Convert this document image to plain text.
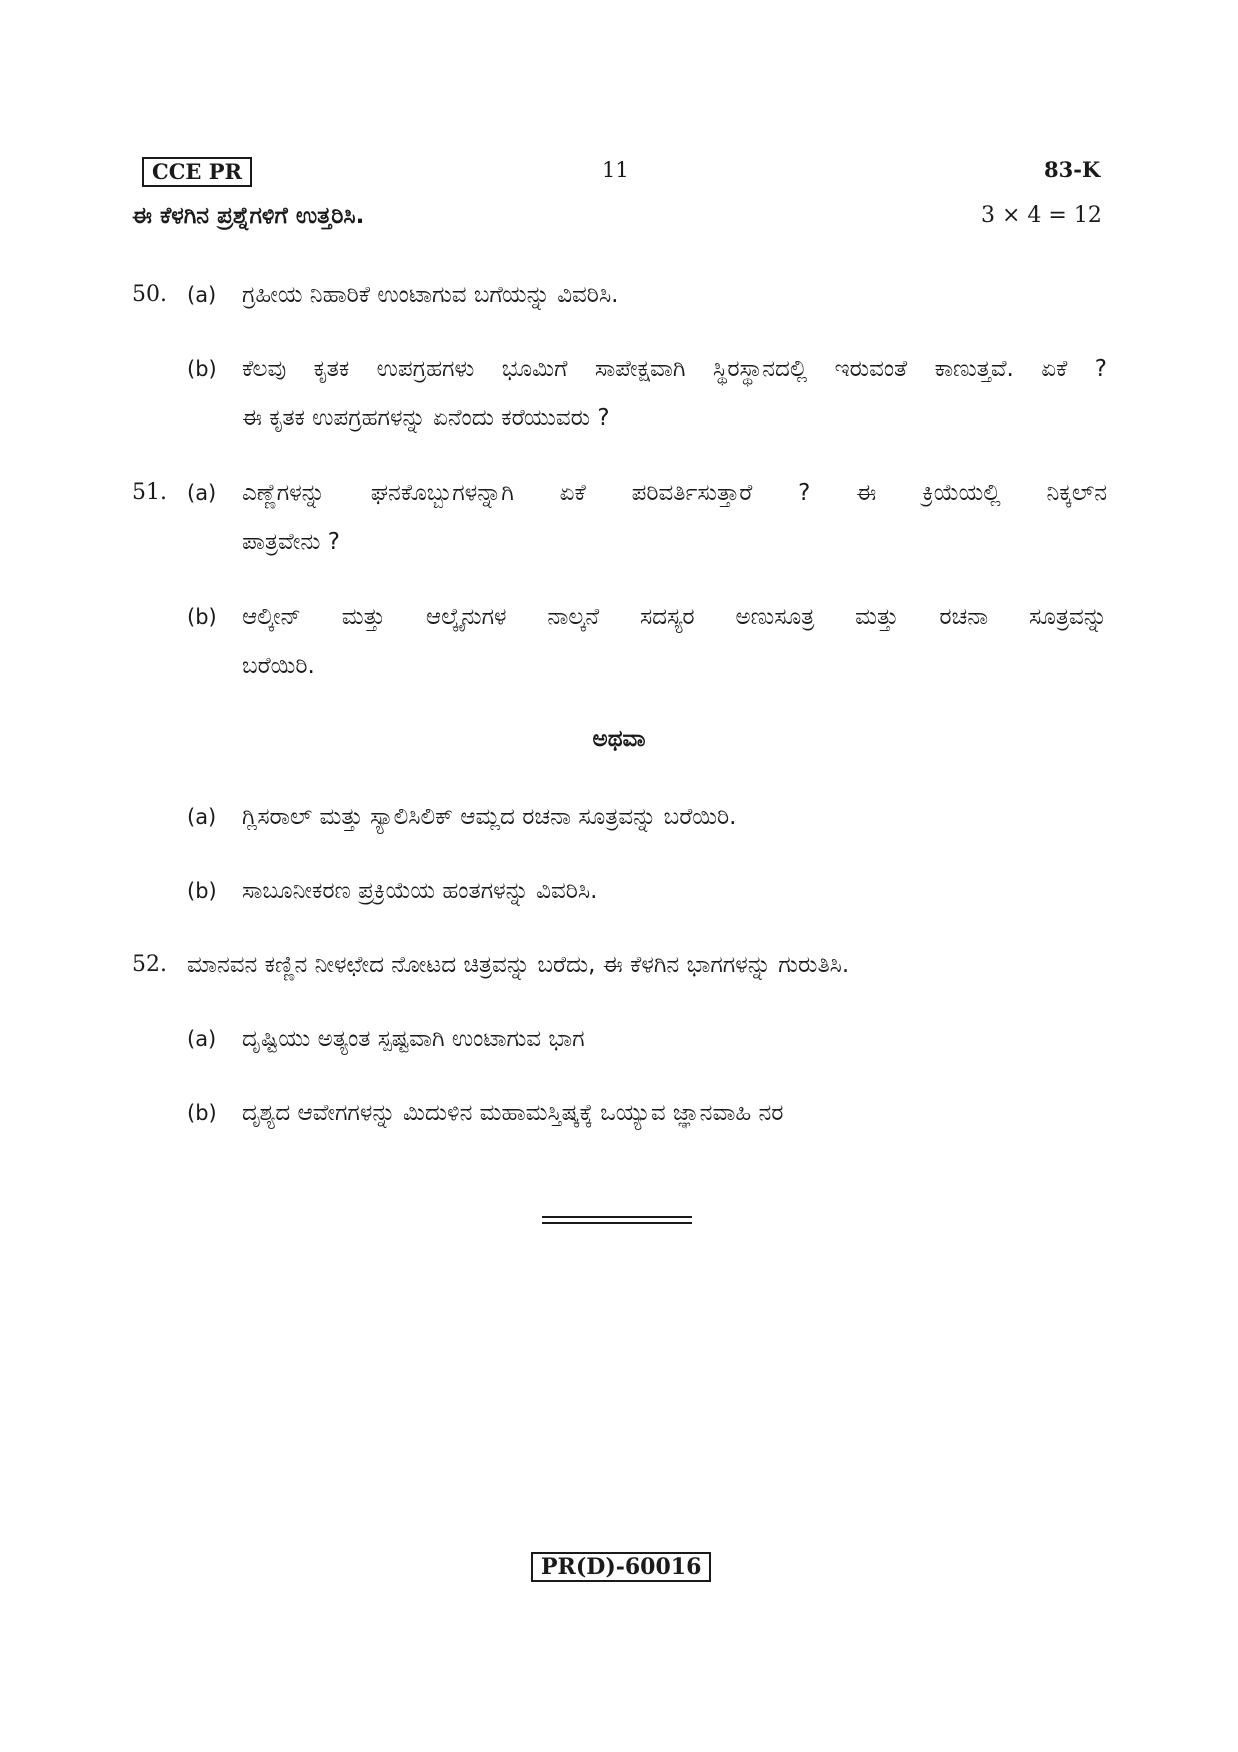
CCE PR	11	83-K
ಈ ಕೆಳಗಿನ ಪ್ರಶ್ನೆಗಳಿಗೆ ಉತ್ತರಿಸಿ.	3 × 4 = 12
50. (a) ಗ್ರಹೀಯ ನಿಹಾರಿಕೆ ಉಂಟಾಗುವ ಬಗೆಯನ್ನು ವಿವರಿಸಿ.
(b) ಕೆಲವು ಕೃತಕ ಉಪಗ್ರಹಗಳು ಭೂಮಿಗೆ ಸಾಪೇಕ್ಷವಾಗಿ ಸ್ಥಿರಸ್ಥಾನದಲ್ಲಿ ಇರುವಂತೆ ಕಾಣುತ್ತವೆ. ಏಕೆ ?
ಈ ಕೃತಕ ಉಪಗ್ರಹಗಳನ್ನು ಏನೆಂದು ಕರೆಯುವರು ?
51. (a) ಎಣ್ಣೆಗಳನ್ನು ಘನಕೊಬ್ಬುಗಳನ್ನಾಗಿ ಏಕೆ ಪರಿವರ್ತಿಸುತ್ತಾರೆ ? ಈ ಕ್ರಿಯೆಯಲ್ಲಿ ನಿಕ್ಕಲ್‌ನ
ಪಾತ್ರವೇನು ?
(b) ಆಲ್ಕೀನ್ ಮತ್ತು ಆಲ್ಕೈನುಗಳ ನಾಲ್ಕನೆ ಸದಸ್ಯರ ಅಣುಸೂತ್ರ ಮತ್ತು ರಚನಾ ಸೂತ್ರವನ್ನು
ಬರೆಯಿರಿ.
ಅಥವಾ
(a) ಗ್ಲಿಸರಾಲ್ ಮತ್ತು ಸ್ಯಾಲಿಸಿಲಿಕ್ ಆಮ್ಲದ ರಚನಾ ಸೂತ್ರವನ್ನು ಬರೆಯಿರಿ.
(b) ಸಾಬೂನೀಕರಣ ಪ್ರಕ್ರಿಯೆಯ ಹಂತಗಳನ್ನು ವಿವರಿಸಿ.
52. ಮಾನವನ ಕಣ್ಣಿನ ನೀಳಛೇದ ನೋಟದ ಚಿತ್ರವನ್ನು ಬರೆದು, ಈ ಕೆಳಗಿನ ಭಾಗಗಳನ್ನು ಗುರುತಿಸಿ.
(a) ದೃಷ್ಟಿಯು ಅತ್ಯಂತ ಸ್ಪಷ್ಟವಾಗಿ ಉಂಟಾಗುವ ಭಾಗ
(b) ದೃಶ್ಯದ ಆವೇಗಗಳನ್ನು ಮಿದುಳಿನ ಮಹಾಮಸ್ತಿಷ್ಕಕ್ಕೆ ಒಯ್ಯುವ ಜ್ಞಾನವಾಹಿ ನರ
PR(D)-60016
